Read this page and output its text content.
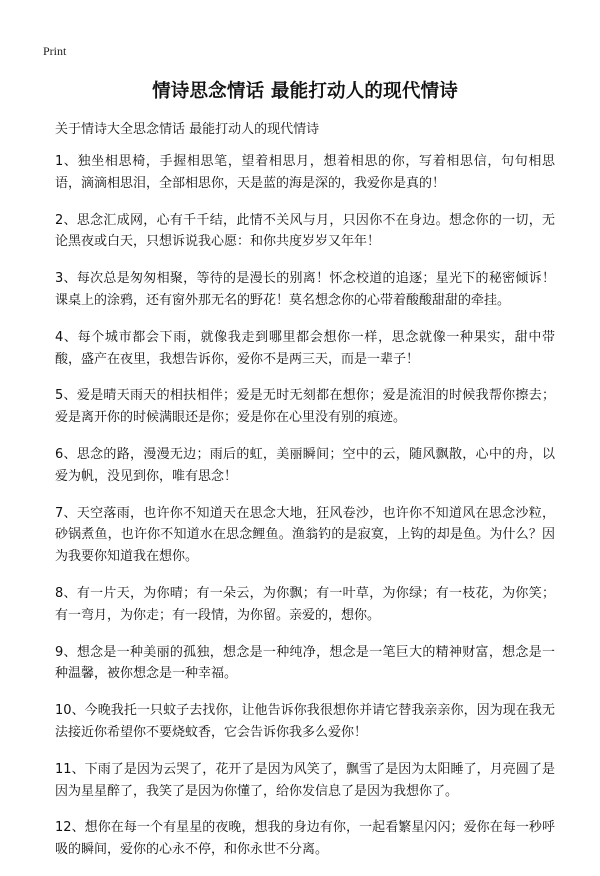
Print
情诗思念情话 最能打动人的现代情诗

关于情诗大全思念情话 最能打动人的现代情诗

1、独坐相思椅，手握相思笔，望着相思月，想着相思的你，写着相思信，句句相思语，滴滴相思泪，全部相思你，天是蓝的海是深的，我爱你是真的！

2、思念汇成网，心有千千结，此情不关风与月，只因你不在身边。想念你的一切，无论黑夜或白天，只想诉说我心愿：和你共度岁岁又年年！

3、每次总是匆匆相聚，等待的是漫长的别离！怀念校道的追逐；星光下的秘密倾诉！课桌上的涂鸦，还有窗外那无名的野花！莫名想念你的心带着酸酸甜甜的牵挂。

4、每个城市都会下雨，就像我走到哪里都会想你一样，思念就像一种果实，甜中带酸，盛产在夜里，我想告诉你，爱你不是两三天，而是一辈子！

5、爱是晴天雨天的相扶相伴；爱是无时无刻都在想你；爱是流泪的时候我帮你擦去；爱是离开你的时候满眼还是你；爱是你在心里没有别的痕迹。

6、思念的路，漫漫无边；雨后的虹，美丽瞬间；空中的云，随风飘散，心中的舟，以爱为帆，没见到你，唯有思念！

7、天空落雨，也许你不知道天在思念大地，狂风卷沙，也许你不知道风在思念沙粒，砂锅煮鱼，也许你不知道水在思念鲤鱼。渔翁钓的是寂寞，上钩的却是鱼。为什么？因为我要你知道我在想你。

8、有一片天，为你晴；有一朵云，为你飘；有一叶草，为你绿；有一枝花，为你笑；有一弯月，为你走；有一段情，为你留。亲爱的，想你。

9、想念是一种美丽的孤独，想念是一种纯净，想念是一笔巨大的精神财富，想念是一种温馨，被你想念是一种幸福。

10、今晚我托一只蚊子去找你，让他告诉你我很想你并请它替我亲亲你，因为现在我无法接近你希望你不要烧蚊香，它会告诉你我多么爱你！

11、下雨了是因为云哭了，花开了是因为风笑了，飘雪了是因为太阳睡了，月亮圆了是因为星星醉了，我笑了是因为你懂了，给你发信息了是因为我想你了。

12、想你在每一个有星星的夜晚，想我的身边有你，一起看繁星闪闪；爱你在每一秒呼吸的瞬间，爱你的心永不停，和你永世不分离。
